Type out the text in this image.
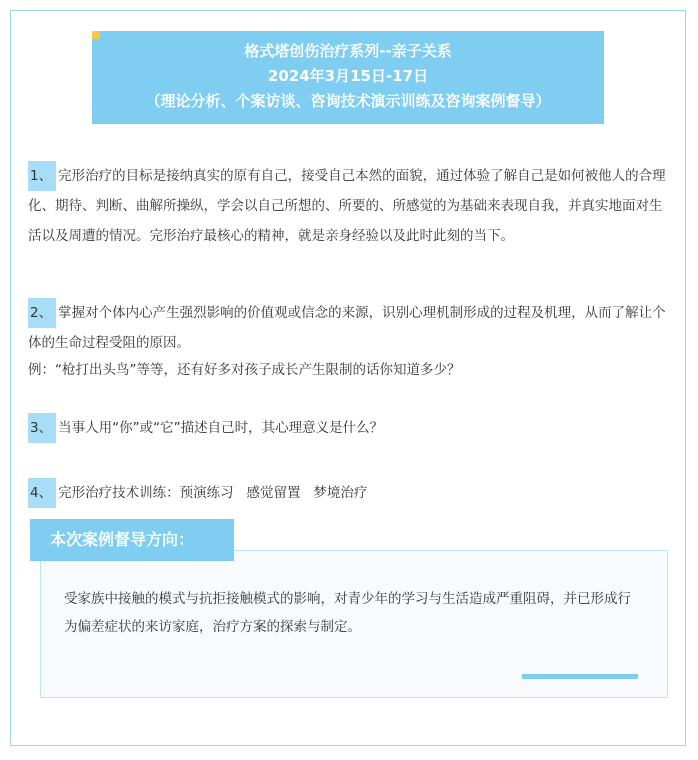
格式塔创伤治疗系列--亲子关系
2024年3月15日-17日
（理论分析、个案访谈、咨询技术演示训练及咨询案例督导）
1、 完形治疗的目标是接纳真实的原有自己，接受自己本然的面貌，通过体验了解自己是如何被他人的合理化、期待、判断、曲解所操纵，学会以自己所想的、所要的、所感觉的为基础来表现自我，并真实地面对生活以及周遭的情况。完形治疗最核心的精神，就是亲身经验以及此时此刻的当下。
2、 掌握对个体内心产生强烈影响的价值观或信念的来源，识别心理机制形成的过程及机理，从而了解让个体的生命过程受阻的原因。
例：“枪打出头鸟”等等，还有好多对孩子成长产生限制的话你知道多少？
3、 当事人用“你”或“它”描述自己时，其心理意义是什么？
4、 完形治疗技术训练：预演练习   感觉留置   梦境治疗
本次案例督导方向：
受家族中接触的模式与抗拒接触模式的影响，对青少年的学习与生活造成严重阻碍，并已形成行为偏差症状的来访家庭，治疗方案的探索与制定。
